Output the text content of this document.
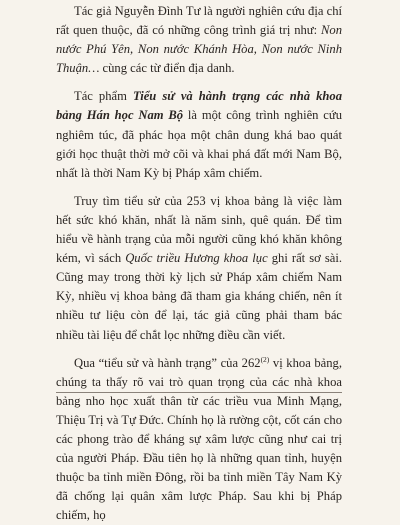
Tác giả Nguyễn Đình Tư là người nghiên cứu địa chí rất quen thuộc, đã có những công trình giá trị như: Non nước Phú Yên, Non nước Khánh Hòa, Non nước Ninh Thuận… cùng các từ điển địa danh.

Tác phẩm Tiểu sử và hành trạng các nhà khoa bảng Hán học Nam Bộ là một công trình nghiên cứu nghiêm túc, đã phác họa một chân dung khá bao quát giới học thuật thời mở cõi và khai phá đất mới Nam Bộ, nhất là thời Nam Kỳ bị Pháp xâm chiếm.

Truy tìm tiểu sử của 253 vị khoa bảng là việc làm hết sức khó khăn, nhất là năm sinh, quê quán. Để tìm hiểu về hành trạng của mỗi người cũng khó khăn không kém, vì sách Quốc triều Hương khoa lục ghi rất sơ sài. Cũng may trong thời kỳ lịch sử Pháp xâm chiếm Nam Kỳ, nhiều vị khoa bảng đã tham gia kháng chiến, nên ít nhiều tư liệu còn để lại, tác giả cũng phải tham bác nhiều tài liệu để chắt lọc những điều cần viết.

Qua “tiểu sử và hành trạng” của 262$^{(2)}$ vị khoa bảng, chúng ta thấy rõ vai trò quan trọng của các nhà khoa bảng nho học xuất thân từ các triều vua Minh Mạng, Thiệu Trị và Tự Đức. Chính họ là rường cột, cốt cán cho các phong trào để kháng sự xâm lược cũng như cai trị của người Pháp. Đầu tiên họ là những quan tỉnh, huyện thuộc ba tỉnh miền Đông, rồi ba tỉnh miền Tây Nam Kỳ đã chống lại quân xâm lược Pháp. Sau khi bị Pháp chiếm, họ
